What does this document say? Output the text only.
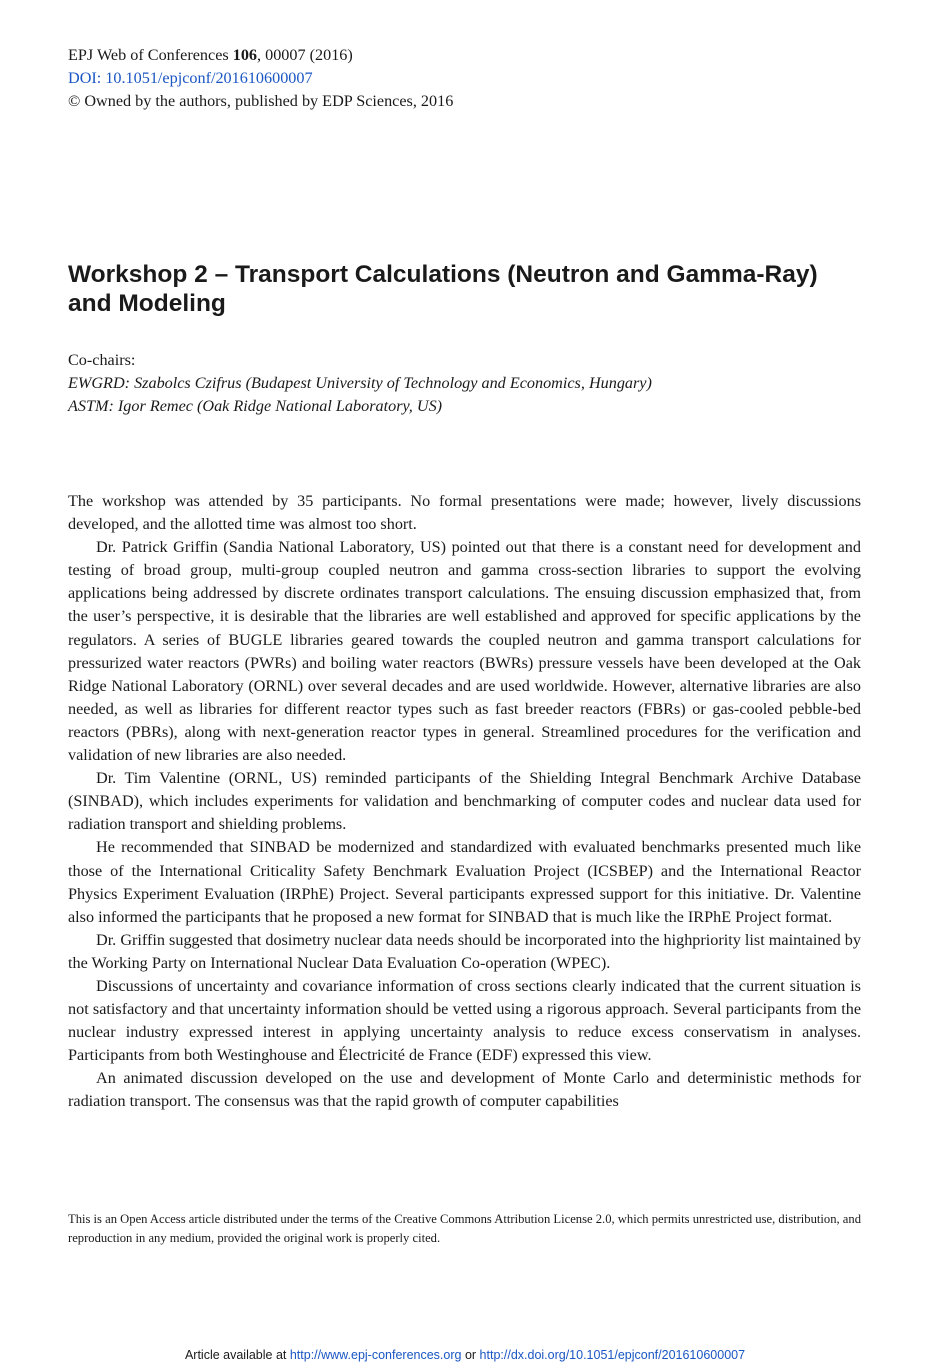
EPJ Web of Conferences 106, 00007 (2016)
DOI: 10.1051/epjconf/201610600007
© Owned by the authors, published by EDP Sciences, 2016
Workshop 2 – Transport Calculations (Neutron and Gamma-Ray) and Modeling
Co-chairs:
EWGRD: Szabolcs Czifrus (Budapest University of Technology and Economics, Hungary)
ASTM: Igor Remec (Oak Ridge National Laboratory, US)

The workshop was attended by 35 participants. No formal presentations were made; however, lively discussions developed, and the allotted time was almost too short.

Dr. Patrick Griffin (Sandia National Laboratory, US) pointed out that there is a constant need for development and testing of broad group, multi-group coupled neutron and gamma cross-section libraries to support the evolving applications being addressed by discrete ordinates transport calculations. The ensuing discussion emphasized that, from the user’s perspective, it is desirable that the libraries are well established and approved for specific applications by the regulators. A series of BUGLE libraries geared towards the coupled neutron and gamma transport calculations for pressurized water reactors (PWRs) and boiling water reactors (BWRs) pressure vessels have been developed at the Oak Ridge National Laboratory (ORNL) over several decades and are used worldwide. However, alternative libraries are also needed, as well as libraries for different reactor types such as fast breeder reactors (FBRs) or gas-cooled pebble-bed reactors (PBRs), along with next-generation reactor types in general. Streamlined procedures for the verification and validation of new libraries are also needed.

Dr. Tim Valentine (ORNL, US) reminded participants of the Shielding Integral Benchmark Archive Database (SINBAD), which includes experiments for validation and benchmarking of computer codes and nuclear data used for radiation transport and shielding problems.

He recommended that SINBAD be modernized and standardized with evaluated benchmarks presented much like those of the International Criticality Safety Benchmark Evaluation Project (ICSBEP) and the International Reactor Physics Experiment Evaluation (IRPhE) Project. Several participants expressed support for this initiative. Dr. Valentine also informed the participants that he proposed a new format for SINBAD that is much like the IRPhE Project format.

Dr. Griffin suggested that dosimetry nuclear data needs should be incorporated into the highpriority list maintained by the Working Party on International Nuclear Data Evaluation Co-operation (WPEC).

Discussions of uncertainty and covariance information of cross sections clearly indicated that the current situation is not satisfactory and that uncertainty information should be vetted using a rigorous approach. Several participants from the nuclear industry expressed interest in applying uncertainty analysis to reduce excess conservatism in analyses. Participants from both Westinghouse and Électricité de France (EDF) expressed this view.

An animated discussion developed on the use and development of Monte Carlo and deterministic methods for radiation transport. The consensus was that the rapid growth of computer capabilities

This is an Open Access article distributed under the terms of the Creative Commons Attribution License 2.0, which permits unrestricted use, distribution, and reproduction in any medium, provided the original work is properly cited.
Article available at http://www.epj-conferences.org or http://dx.doi.org/10.1051/epjconf/201610600007
